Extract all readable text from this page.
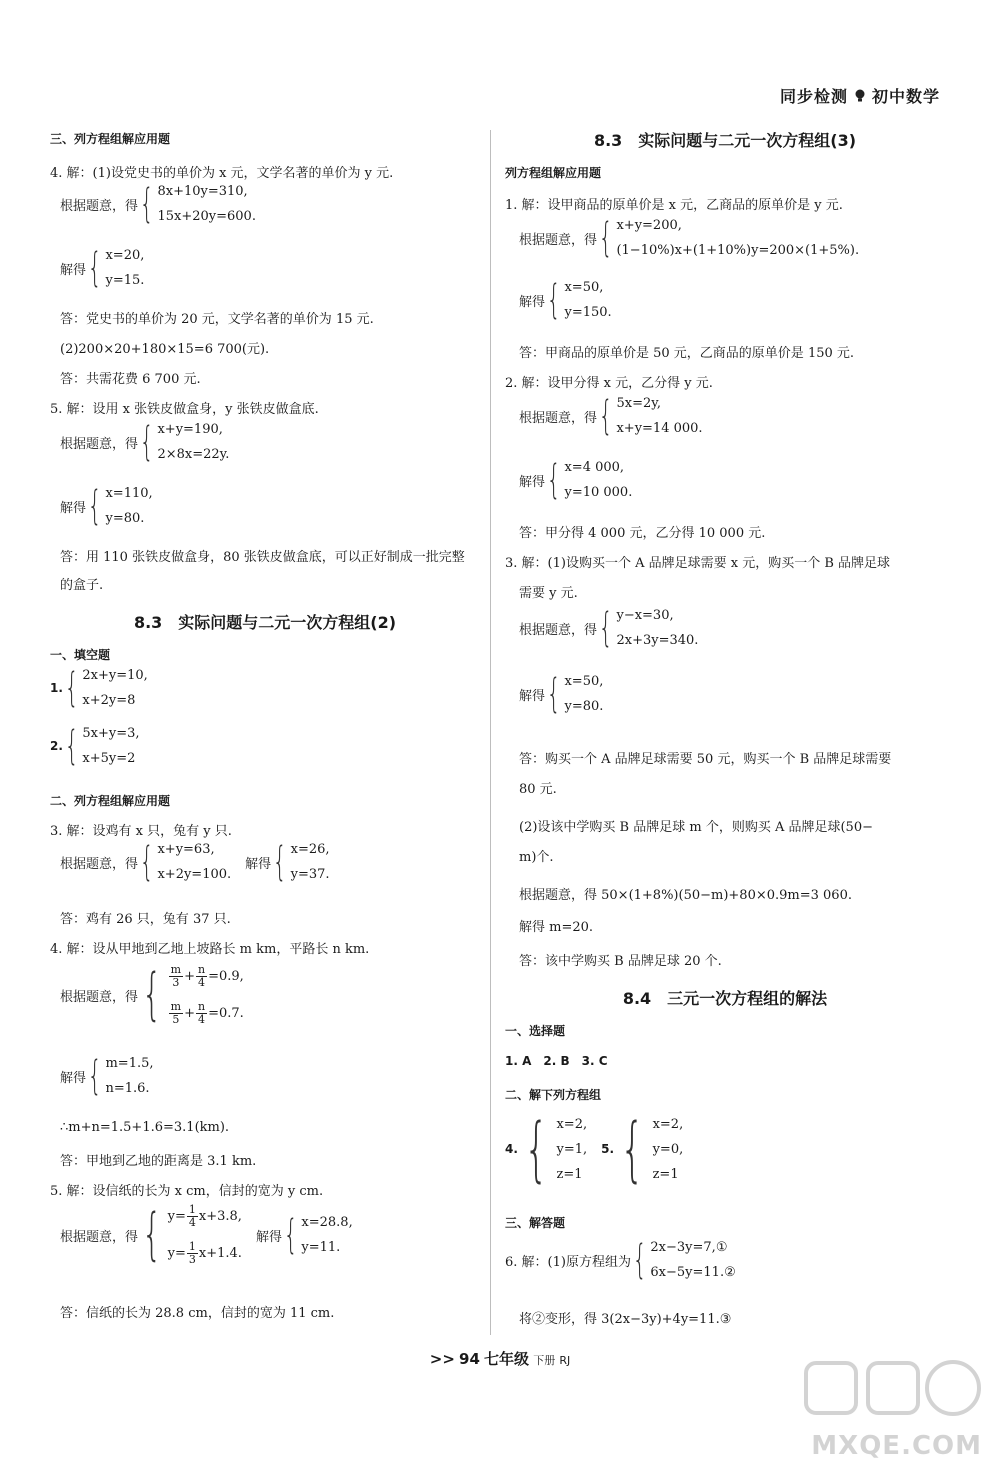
同步检测 初中数学
三、列方程组解应用题
4. 解：(1)设党史书的单价为 x 元，文学名著的单价为 y 元.
根据题意，得 { 8x+10y=310,
15x+20y=600.
解得 { x=20,
y=15.
答：党史书的单价为 20 元，文学名著的单价为 15 元.
(2)200×20+180×15=6 700(元).
答：共需花费 6 700 元.
5. 解：设用 x 张铁皮做盒身，y 张铁皮做盒底.
根据题意，得 { x+y=190,
2×8x=22y.
解得 { x=110,
y=80.
答：用 110 张铁皮做盒身，80 张铁皮做盒底，可以正好制成一批完整
的盒子.
8.3　实际问题与二元一次方程组(2)
一、填空题
1. { 2x+y=10,
x+2y=8
2. { 5x+y=3,
x+5y=2
二、列方程组解应用题
3. 解：设鸡有 x 只，兔有 y 只.
根据题意，得 { x+y=63,
x+2y=100.
解得 { x=26,
y=37.
答：鸡有 26 只，兔有 37 只.
4. 解：设从甲地到乙地上坡路长 m km，平路长 n km.
根据题意，得 { $\frac{m}{3} + \frac{n}{4} =0.9$,
$\frac{m}{5} + \frac{n}{4} =0.7$.
解得 { m=1.5,
n=1.6.
∴m+n=1.5+1.6=3.1(km).
答：甲地到乙地的距离是 3.1 km.
5. 解：设信纸的长为 x cm，信封的宽为 y cm.
根据题意，得 { $y= \frac{1}{4} x+3.8$,
$y= \frac{1}{3} x+1.4$.
解得 { x=28.8,
y=11.
答：信纸的长为 28.8 cm，信封的宽为 11 cm.
8.3　实际问题与二元一次方程组(3)
列方程组解应用题
1. 解：设甲商品的原单价是 x 元，乙商品的原单价是 y 元.
根据题意，得 { x+y=200,
(1−10%)x+(1+10%)y=200×(1+5%).
解得 { x=50,
y=150.
答：甲商品的原单价是 50 元，乙商品的原单价是 150 元.
2. 解：设甲分得 x 元，乙分得 y 元.
根据题意，得 { 5x=2y,
x+y=14 000.
解得 { x=4 000,
y=10 000.
答：甲分得 4 000 元，乙分得 10 000 元.
3. 解：(1)设购买一个 A 品牌足球需要 x 元，购买一个 B 品牌足球
需要 y 元.
根据题意，得 { y−x=30,
2x+3y=340.
解得 { x=50,
y=80.
答：购买一个 A 品牌足球需要 50 元，购买一个 B 品牌足球需要
80 元.
(2)设该中学购买 B 品牌足球 m 个，则购买 A 品牌足球(50−
m)个.
根据题意，得 50×(1+8%)(50−m)+80×0.9m=3 060.
解得 m=20.
答：该中学购买 B 品牌足球 20 个.
8.4　三元一次方程组的解法
一、选择题
1. A　2. B　3. C
二、解下列方程组
4. { x=2,
y=1,
z=1
5. { x=2,
y=0,
z=1
三、解答题
6. 解：(1)原方程组为 { 2x−3y=7,①
6x−5y=11.②
将②变形，得 3(2x−3y)+4y=11.③
>> 94 七年级 下册 RJ
MXQE.COM
